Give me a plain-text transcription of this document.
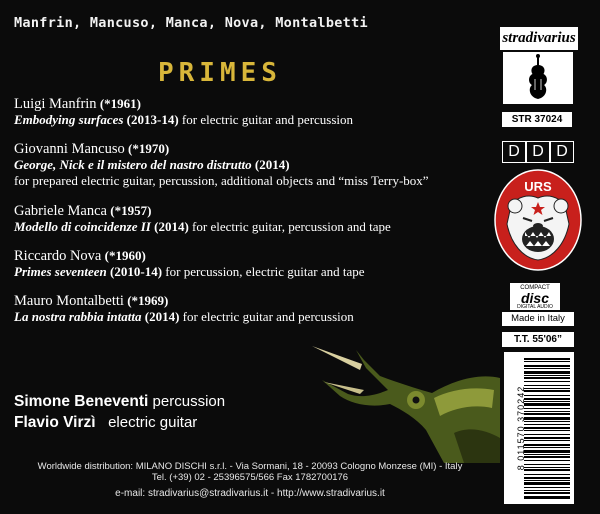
Manfrin, Mancuso, Manca, Nova, Montalbetti
PRIMES
Luigi Manfrin (*1961)
Embodying surfaces (2013-14) for electric guitar and percussion
Giovanni Mancuso (*1970)
George, Nick e il mistero del nastro distrutto (2014)
for prepared electric guitar, percussion, additional objects and “miss Terry-box”
Gabriele Manca (*1957)
Modello di coincidenze II (2014) for electric guitar, percussion and tape
Riccardo Nova (*1960)
Primes seventeen (2010-14) for percussion, electric guitar and tape
Mauro Montalbetti (*1969)
La nostra rabbia intatta (2014) for electric guitar and percussion
Simone Beneventi percussion
Flavio Virzì electric guitar
Worldwide distribution: MILANO DISCHI s.r.l. - Via Sormani, 18 - 20093 Cologno Monzese (MI) - Italy
Tel. (+39) 02 - 25396575/566 Fax 1782700176
e-mail: stradivarius@stradivarius.it - http://www.stradivarius.it
stradivarius
STR 37024
D D D
URS
COMPACT
disc
DIGITAL AUDIO
Made in Italy
T.T. 55'06”
8 011570 370242
